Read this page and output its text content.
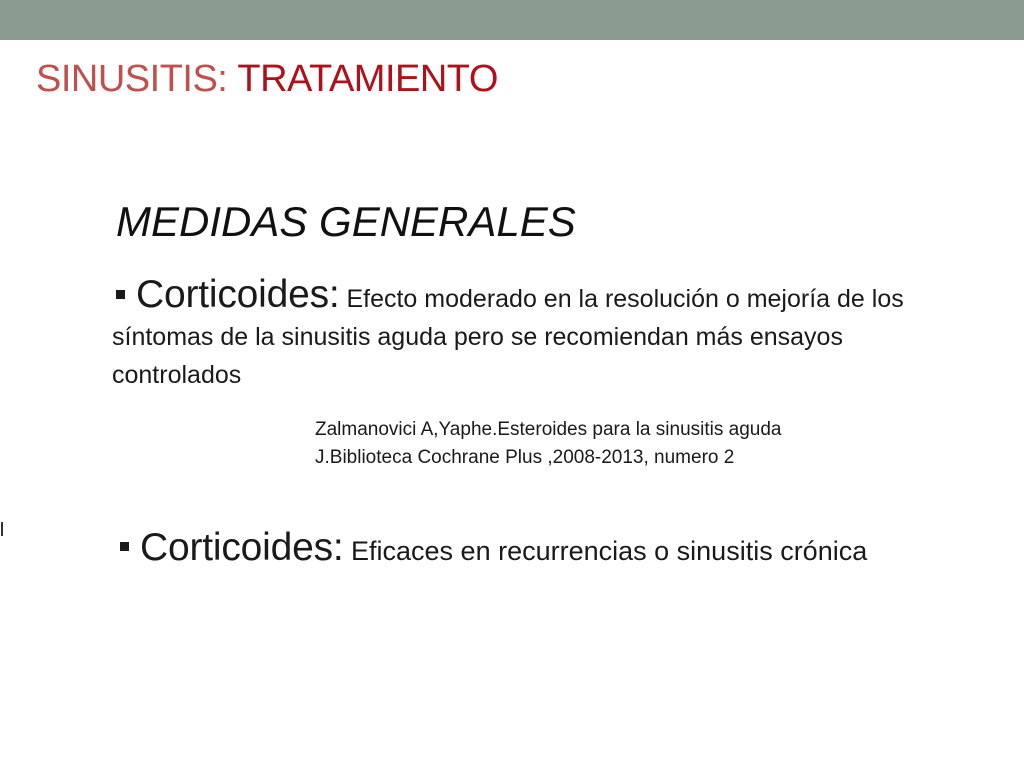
SINUSITIS: TRATAMIENTO
MEDIDAS GENERALES
Corticoides: Efecto moderado en la resolución o mejoría de los síntomas de la sinusitis aguda pero se recomiendan más ensayos controlados
Zalmanovici A,Yaphe.Esteroides para la sinusitis aguda
J.Biblioteca Cochrane Plus ,2008-2013, numero 2
Corticoides: Eficaces en recurrencias o sinusitis crónica
